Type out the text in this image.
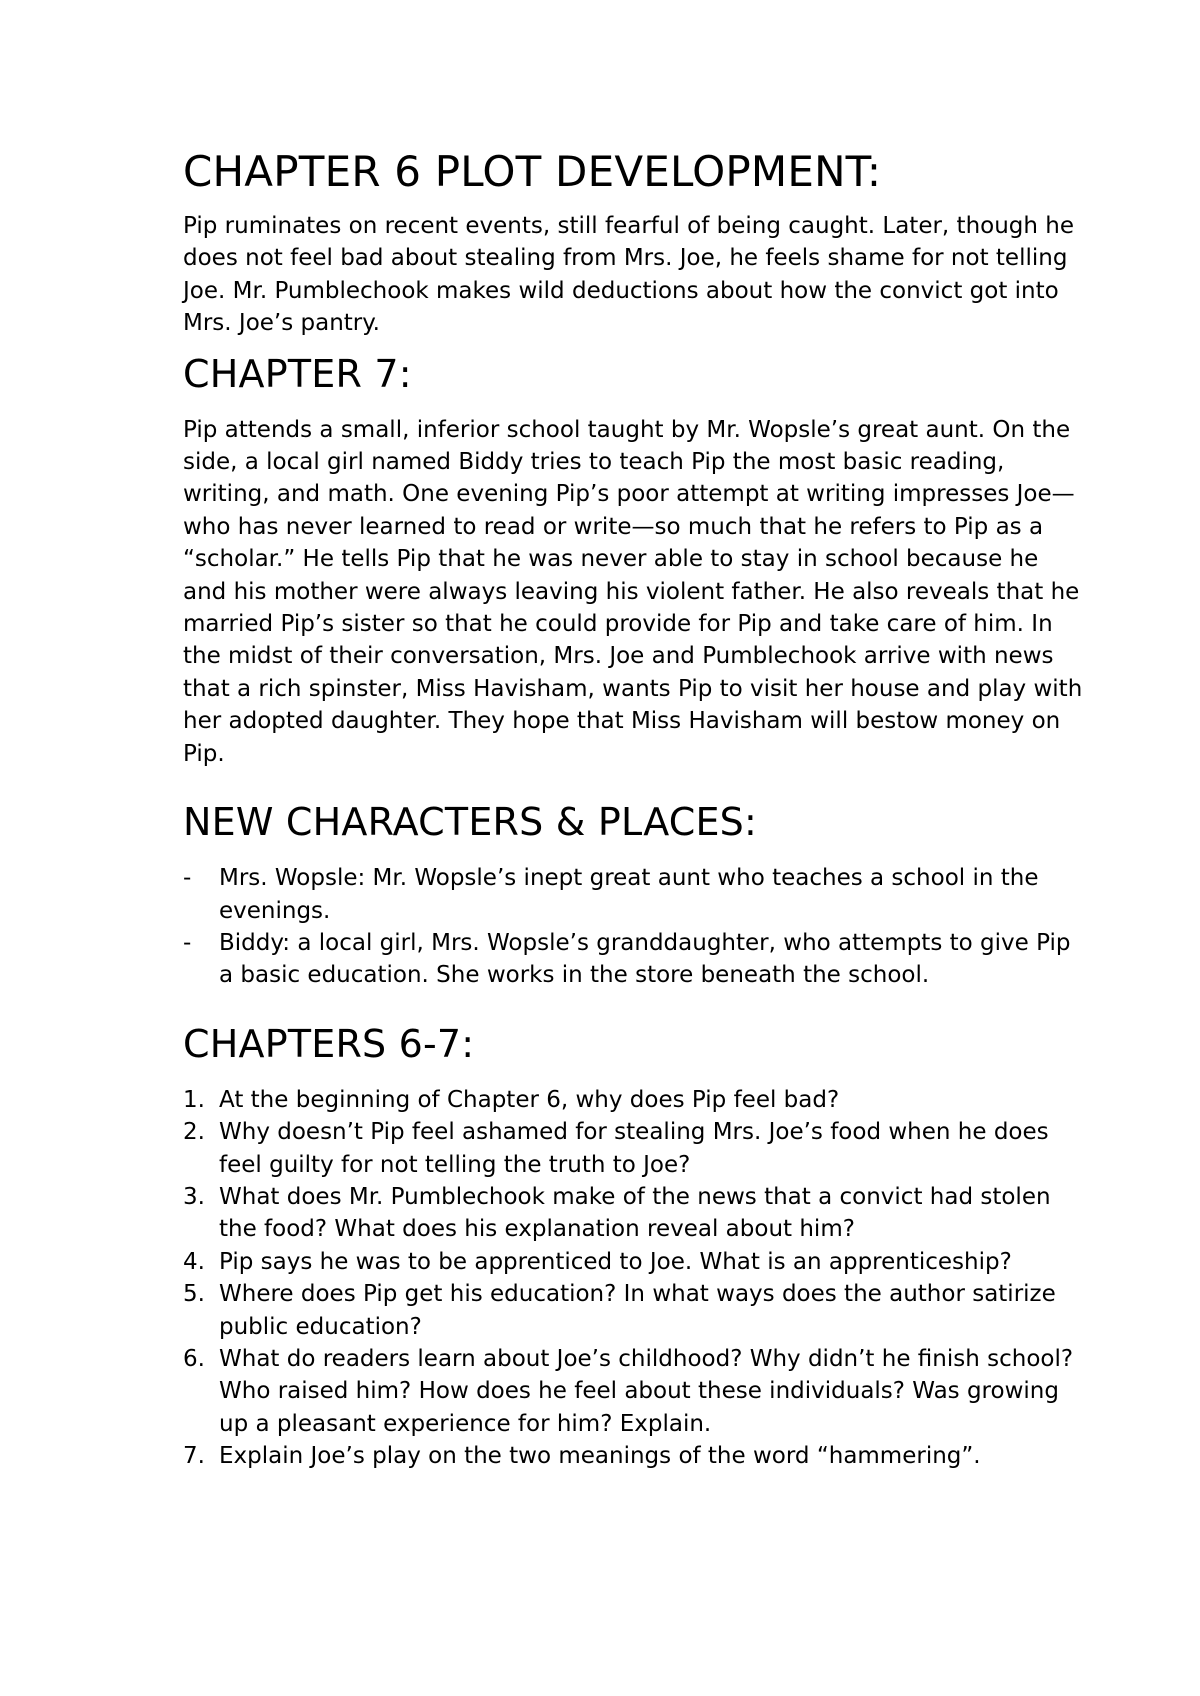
CHAPTER 6 PLOT DEVELOPMENT:

Pip ruminates on recent events, still fearful of being caught. Later, though he does not feel bad about stealing from Mrs. Joe, he feels shame for not telling Joe. Mr. Pumblechook makes wild deductions about how the convict got into Mrs. Joe’s pantry.

CHAPTER 7:

Pip attends a small, inferior school taught by Mr. Wopsle’s great aunt. On the side, a local girl named Biddy tries to teach Pip the most basic reading, writing, and math. One evening Pip’s poor attempt at writing impresses Joe—who has never learned to read or write—so much that he refers to Pip as a “scholar.” He tells Pip that he was never able to stay in school because he and his mother were always leaving his violent father. He also reveals that he married Pip’s sister so that he could provide for Pip and take care of him. In the midst of their conversation, Mrs. Joe and Pumblechook arrive with news that a rich spinster, Miss Havisham, wants Pip to visit her house and play with her adopted daughter. They hope that Miss Havisham will bestow money on Pip.

NEW CHARACTERS & PLACES:
- Mrs. Wopsle: Mr. Wopsle’s inept great aunt who teaches a school in the evenings.
- Biddy: a local girl, Mrs. Wopsle’s granddaughter, who attempts to give Pip a basic education. She works in the store beneath the school.
CHAPTERS 6-7:
1. At the beginning of Chapter 6, why does Pip feel bad?
2. Why doesn’t Pip feel ashamed for stealing Mrs. Joe’s food when he does feel guilty for not telling the truth to Joe?
3. What does Mr. Pumblechook make of the news that a convict had stolen the food? What does his explanation reveal about him?
4. Pip says he was to be apprenticed to Joe. What is an apprenticeship?
5. Where does Pip get his education? In what ways does the author satirize public education?
6. What do readers learn about Joe’s childhood? Why didn’t he finish school? Who raised him? How does he feel about these individuals? Was growing up a pleasant experience for him? Explain.
7. Explain Joe’s play on the two meanings of the word “hammering”.
